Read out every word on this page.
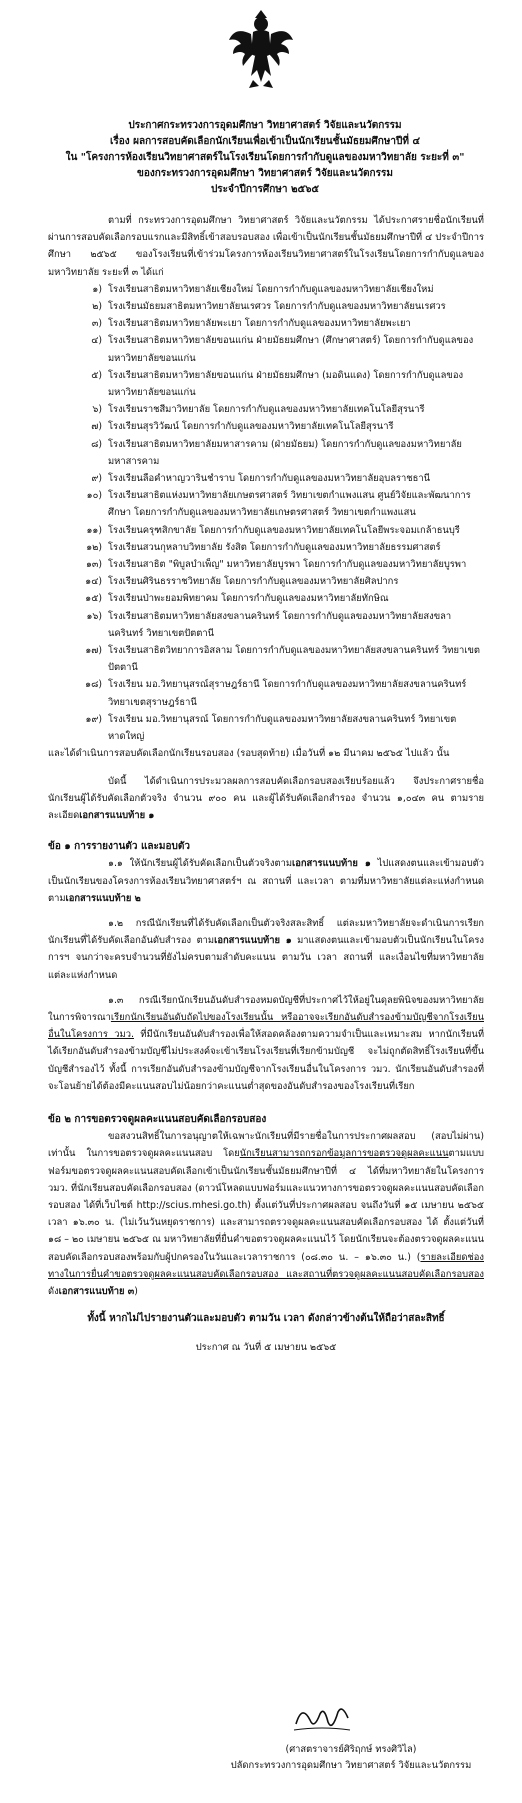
ประกาศกระทรวงการอุดมศึกษา วิทยาศาสตร์ วิจัยและนวัตกรรม
เรื่อง ผลการสอบคัดเลือกนักเรียนเพื่อเข้าเป็นนักเรียนชั้นมัธยมศึกษาปีที่ ๔
ใน "โครงการห้องเรียนวิทยาศาสตร์ในโรงเรียนโดยการกำกับดูแลของมหาวิทยาลัย ระยะที่ ๓"
ของกระทรวงการอุดมศึกษา วิทยาศาสตร์ วิจัยและนวัตกรรม
ประจำปีการศึกษา ๒๕๖๕

ตามที่ กระทรวงการอุดมศึกษา วิทยาศาสตร์ วิจัยและนวัตกรรม ได้ประกาศรายชื่อนักเรียนที่ผ่านการสอบคัดเลือกรอบแรกและมีสิทธิ์เข้าสอบรอบสอง เพื่อเข้าเป็นนักเรียนชั้นมัธยมศึกษาปีที่ ๔ ประจำปีการศึกษา ๒๕๖๕ ของโรงเรียนที่เข้าร่วมโครงการห้องเรียนวิทยาศาสตร์ในโรงเรียนโดยการกำกับดูแลของมหาวิทยาลัย ระยะที่ ๓ ได้แก่

๑) โรงเรียนสาธิตมหาวิทยาลัยเชียงใหม่ โดยการกำกับดูแลของมหาวิทยาลัยเชียงใหม่
๒) โรงเรียนมัธยมสาธิตมหาวิทยาลัยนเรศวร โดยการกำกับดูแลของมหาวิทยาลัยนเรศวร
๓) โรงเรียนสาธิตมหาวิทยาลัยพะเยา โดยการกำกับดูแลของมหาวิทยาลัยพะเยา
๔) โรงเรียนสาธิตมหาวิทยาลัยขอนแก่น ฝ่ายมัธยมศึกษา (ศึกษาศาสตร์) โดยการกำกับดูแลของมหาวิทยาลัยขอนแก่น
๕) โรงเรียนสาธิตมหาวิทยาลัยขอนแก่น ฝ่ายมัธยมศึกษา (มอดินแดง) โดยการกำกับดูแลของมหาวิทยาลัยขอนแก่น
๖) โรงเรียนราชสีมาวิทยาลัย โดยการกำกับดูแลของมหาวิทยาลัยเทคโนโลยีสุรนารี
๗) โรงเรียนสุรวิวัฒน์ โดยการกำกับดูแลของมหาวิทยาลัยเทคโนโลยีสุรนารี
๘) โรงเรียนสาธิตมหาวิทยาลัยมหาสารคาม (ฝ่ายมัธยม) โดยการกำกับดูแลของมหาวิทยาลัยมหาสารคาม
๙) โรงเรียนลือคำหาญวารินชำราบ โดยการกำกับดูแลของมหาวิทยาลัยอุบลราชธานี
๑๐) โรงเรียนสาธิตแห่งมหาวิทยาลัยเกษตรศาสตร์ วิทยาเขตกำแพงแสน ศูนย์วิจัยและพัฒนาการศึกษา โดยการกำกับดูแลของมหาวิทยาลัยเกษตรศาสตร์ วิทยาเขตกำแพงแสน
๑๑) โรงเรียนครุฑสิกขาลัย โดยการกำกับดูแลของมหาวิทยาลัยเทคโนโลยีพระจอมเกล้าธนบุรี
๑๒) โรงเรียนสวนกุหลาบวิทยาลัย รังสิต โดยการกำกับดูแลของมหาวิทยาลัยธรรมศาสตร์
๑๓) โรงเรียนสาธิต "พิบูลบำเพ็ญ" มหาวิทยาลัยบูรพา โดยการกำกับดูแลของมหาวิทยาลัยบูรพา
๑๔) โรงเรียนศิรินธรราชวิทยาลัย โดยการกำกับดูแลของมหาวิทยาลัยศิลปากร
๑๕) โรงเรียนป่าพะยอมพิทยาคม โดยการกำกับดูแลของมหาวิทยาลัยทักษิณ
๑๖) โรงเรียนสาธิตมหาวิทยาลัยสงขลานครินทร์ โดยการกำกับดูแลของมหาวิทยาลัยสงขลานครินทร์ วิทยาเขตปัตตานี
๑๗) โรงเรียนสาธิตวิทยาการอิสลาม โดยการกำกับดูแลของมหาวิทยาลัยสงขลานครินทร์ วิทยาเขตปัตตานี
๑๘) โรงเรียน มอ.วิทยานุสรณ์สุราษฎร์ธานี โดยการกำกับดูแลของมหาวิทยาลัยสงขลานครินทร์ วิทยาเขตสุราษฎร์ธานี
๑๙) โรงเรียน มอ.วิทยานุสรณ์ โดยการกำกับดูแลของมหาวิทยาลัยสงขลานครินทร์ วิทยาเขตหาดใหญ่

และได้ดำเนินการสอบคัดเลือกนักเรียนรอบสอง (รอบสุดท้าย) เมื่อวันที่ ๑๒ มีนาคม ๒๕๖๕ ไปแล้ว นั้น

บัดนี้ ได้ดำเนินการประมวลผลการสอบคัดเลือกรอบสองเรียบร้อยแล้ว จึงประกาศรายชื่อนักเรียนผู้ได้รับคัดเลือกตัวจริง จำนวน ๙๐๐ คน และผู้ได้รับคัดเลือกสำรอง จำนวน ๑,๐๔๓ คน ตามรายละเอียดเอกสารแนบท้าย ๑

ข้อ ๑ การรายงานตัว และมอบตัว

๑.๑ ให้นักเรียนผู้ได้รับคัดเลือกเป็นตัวจริงตามเอกสารแนบท้าย ๑ ไปแสดงตนและเข้ามอบตัวเป็นนักเรียนของโครงการห้องเรียนวิทยาศาสตร์ฯ ณ สถานที่ และเวลา ตามที่มหาวิทยาลัยแต่ละแห่งกำหนด ตามเอกสารแนบท้าย ๒

๑.๒ กรณีนักเรียนที่ได้รับคัดเลือกเป็นตัวจริงสละสิทธิ์ แต่ละมหาวิทยาลัยจะดำเนินการเรียกนักเรียนที่ได้รับคัดเลือกอันดับสำรอง ตามเอกสารแนบท้าย ๑ มาแสดงตนและเข้ามอบตัวเป็นนักเรียนในโครงการฯ จนกว่าจะครบจำนวนที่ยังไม่ครบตามลำดับคะแนน ตามวัน เวลา สถานที่ และเงื่อนไขที่มหาวิทยาลัยแต่ละแห่งกำหนด

๑.๓ กรณีเรียกนักเรียนอันดับสำรองหมดบัญชีที่ประกาศไว้ให้อยู่ในดุลยพินิจของมหาวิทยาลัย ในการพิจารณาเรียกนักเรียนอันดับถัดไปของโรงเรียนนั้น หรืออาจจะเรียกอันดับสำรองข้ามบัญชีจากโรงเรียนอื่นในโครงการ วมว. ที่มีนักเรียนอันดับสำรองเพื่อให้สอดคล้องตามความจำเป็นและเหมาะสม หากนักเรียนที่ได้เรียกอันดับสำรองข้ามบัญชีไม่ประสงค์จะเข้าเรียนโรงเรียนที่เรียกข้ามบัญชี จะไม่ถูกตัดสิทธิ์โรงเรียนที่ขึ้นบัญชีสำรองไว้ ทั้งนี้ การเรียกอันดับสำรองข้ามบัญชีจากโรงเรียนอื่นในโครงการ วมว. นักเรียนอันดับสำรองที่จะโอนย้ายได้ต้องมีคะแนนสอบไม่น้อยกว่าคะแนนต่ำสุดของอันดับสำรองของโรงเรียนที่เรียก

ข้อ ๒ การขอตรวจดูผลคะแนนสอบคัดเลือกรอบสอง

ขอสงวนสิทธิ์ในการอนุญาตให้เฉพาะนักเรียนที่มีรายชื่อในการประกาศผลสอบ (สอบไม่ผ่าน) เท่านั้น ในการขอตรวจดูผลคะแนนสอบ โดยนักเรียนสามารถกรอกข้อมูลการขอตรวจดูผลคะแนนตามแบบฟอร์มขอตรวจดูผลคะแนนสอบคัดเลือกเข้าเป็นนักเรียนชั้นมัธยมศึกษาปีที่ ๔ ได้ที่มหาวิทยาลัยในโครงการ วมว. ที่นักเรียนสอบคัดเลือกรอบสอง (ดาวน์โหลดแบบฟอร์มและแนวทางการขอตรวจดูผลคะแนนสอบคัดเลือกรอบสอง ได้ที่เว็บไซต์ http://scius.mhesi.go.th) ตั้งแต่วันที่ประกาศผลสอบ จนถึงวันที่ ๑๕ เมษายน ๒๕๖๕ เวลา ๑๖.๓๐ น. (ไม่เว้นวันหยุดราชการ) และสามารถตรวจดูผลคะแนนสอบคัดเลือกรอบสอง ได้ ตั้งแต่วันที่ ๑๘ – ๒๐ เมษายน ๒๕๖๕ ณ มหาวิทยาลัยที่ยื่นคำขอตรวจดูผลคะแนนไว้ โดยนักเรียนจะต้องตรวจดูผลคะแนนสอบคัดเลือกรอบสองพร้อมกับผู้ปกครองในวันและเวลาราชการ (๐๘.๓๐ น. – ๑๖.๓๐ น.) (รายละเอียดช่องทางในการยื่นคำขอตรวจดูผลคะแนนสอบคัดเลือกรอบสอง และสถานที่ตรวจดูผลคะแนนสอบคัดเลือกรอบสอง ดังเอกสารแนบท้าย ๓)

ทั้งนี้ หากไม่ไปรายงานตัวและมอบตัว ตามวัน เวลา ดังกล่าวข้างต้นให้ถือว่าสละสิทธิ์

ประกาศ ณ วันที่ ๕ เมษายน ๒๕๖๕

(ศาสตราจารย์ศิริฤกษ์ ทรงศิวิไล)
ปลัดกระทรวงการอุดมศึกษา วิทยาศาสตร์ วิจัยและนวัตกรรม
